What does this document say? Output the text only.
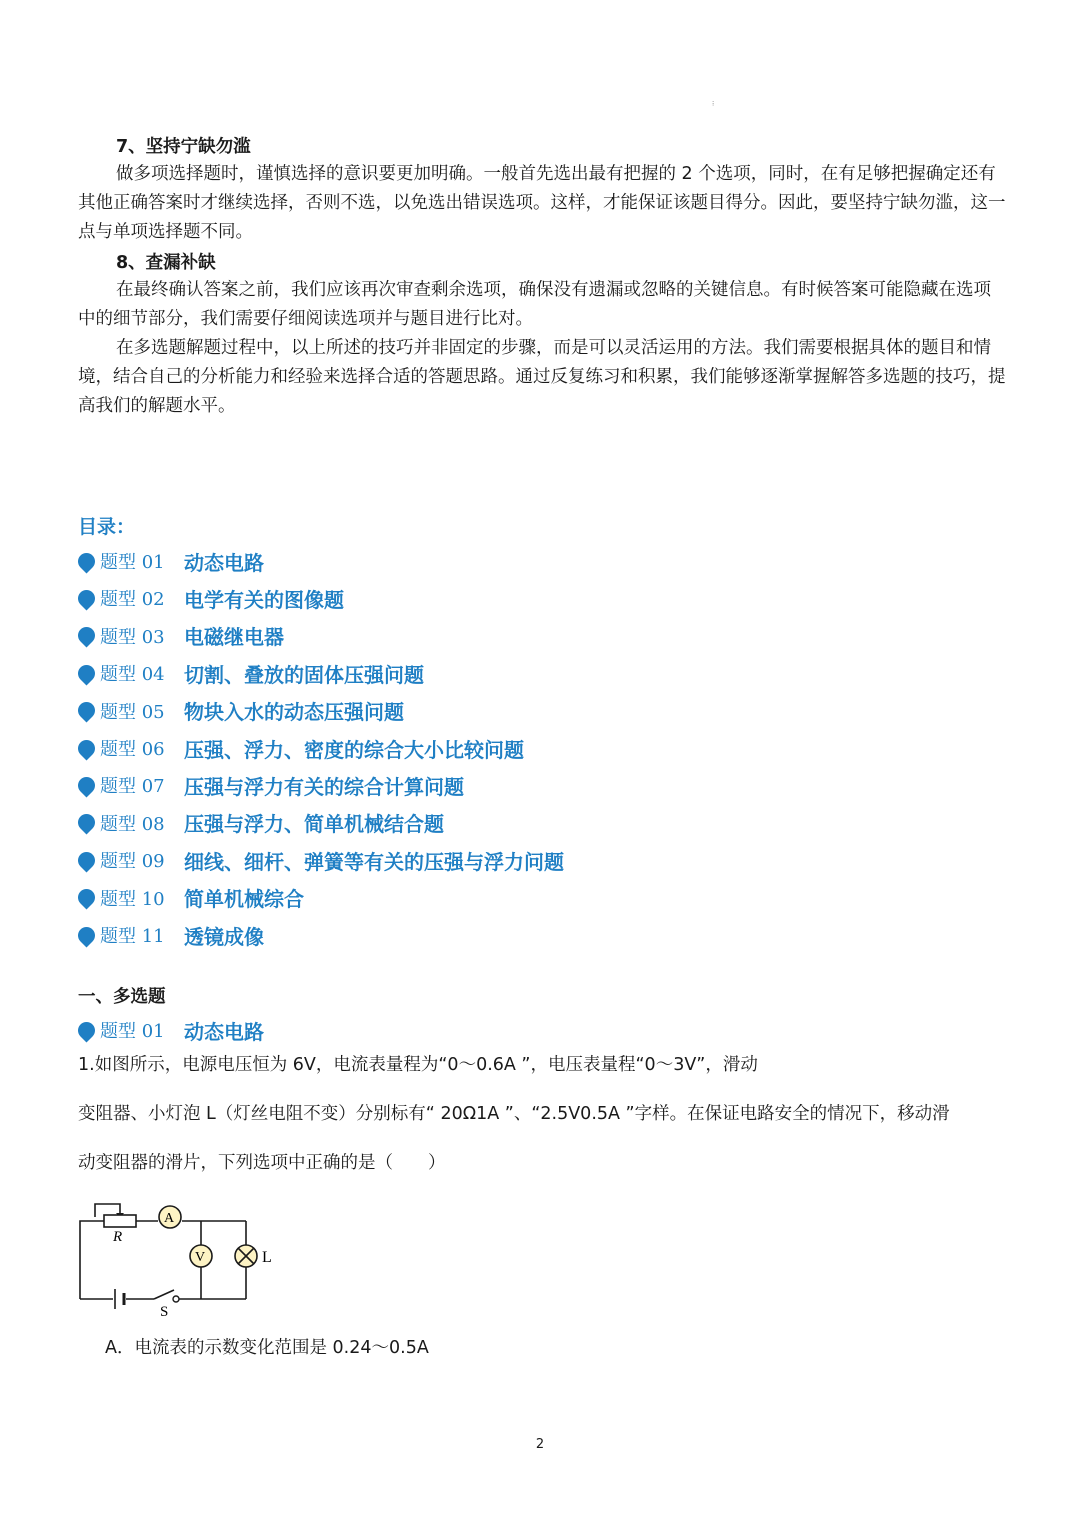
⁝
7、坚持宁缺勿滥
做多项选择题时，谨慎选择的意识要更加明确。一般首先选出最有把握的 2 个选项，同时，在有足够把握确定还有其他正确答案时才继续选择，否则不选，以免选出错误选项。这样，才能保证该题目得分。因此，要坚持宁缺勿滥，这一点与单项选择题不同。
8、查漏补缺
在最终确认答案之前，我们应该再次审查剩余选项，确保没有遗漏或忽略的关键信息。有时候答案可能隐藏在选项中的细节部分，我们需要仔细阅读选项并与题目进行比对。
在多选题解题过程中，以上所述的技巧并非固定的步骤，而是可以灵活运用的方法。我们需要根据具体的题目和情境，结合自己的分析能力和经验来选择合适的答题思路。通过反复练习和积累，我们能够逐渐掌握解答多选题的技巧，提高我们的解题水平。
目录：
题型 01 动态电路
题型 02 电学有关的图像题
题型 03 电磁继电器
题型 04 切割、叠放的固体压强问题
题型 05 物块入水的动态压强问题
题型 06 压强、浮力、密度的综合大小比较问题
题型 07 压强与浮力有关的综合计算问题
题型 08 压强与浮力、简单机械结合题
题型 09 细线、细杆、弹簧等有关的压强与浮力问题
题型 10 简单机械综合
题型 11 透镜成像
一、多选题
题型 01 动态电路
1.如图所示，电源电压恒为 6V，电流表量程为“0～0.6A ”，电压表量程“0～3V”，滑动
变阻器、小灯泡 L（灯丝电阻不变）分别标有“ 20Ω1A ”、“2.5V0.5A ”字样。在保证电路安全的情况下，移动滑
动变阻器的滑片，下列选项中正确的是（　　）
R
A
V	L
S
A．电流表的示数变化范围是 0.24～0.5A
2
